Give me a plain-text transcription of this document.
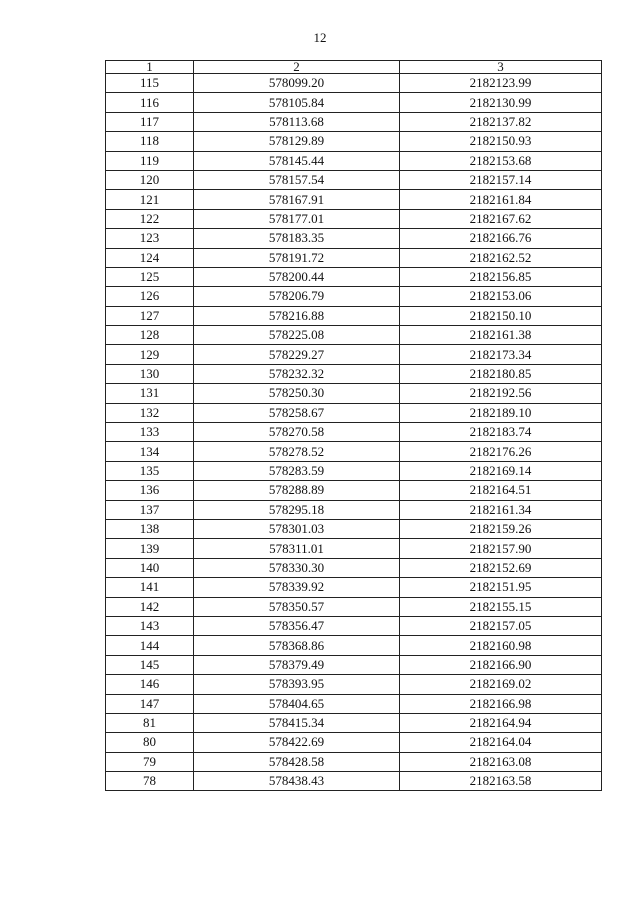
12
1	2	3
115	578099.20	2182123.99
116	578105.84	2182130.99
117	578113.68	2182137.82
118	578129.89	2182150.93
119	578145.44	2182153.68
120	578157.54	2182157.14
121	578167.91	2182161.84
122	578177.01	2182167.62
123	578183.35	2182166.76
124	578191.72	2182162.52
125	578200.44	2182156.85
126	578206.79	2182153.06
127	578216.88	2182150.10
128	578225.08	2182161.38
129	578229.27	2182173.34
130	578232.32	2182180.85
131	578250.30	2182192.56
132	578258.67	2182189.10
133	578270.58	2182183.74
134	578278.52	2182176.26
135	578283.59	2182169.14
136	578288.89	2182164.51
137	578295.18	2182161.34
138	578301.03	2182159.26
139	578311.01	2182157.90
140	578330.30	2182152.69
141	578339.92	2182151.95
142	578350.57	2182155.15
143	578356.47	2182157.05
144	578368.86	2182160.98
145	578379.49	2182166.90
146	578393.95	2182169.02
147	578404.65	2182166.98
81	578415.34	2182164.94
80	578422.69	2182164.04
79	578428.58	2182163.08
78	578438.43	2182163.58
